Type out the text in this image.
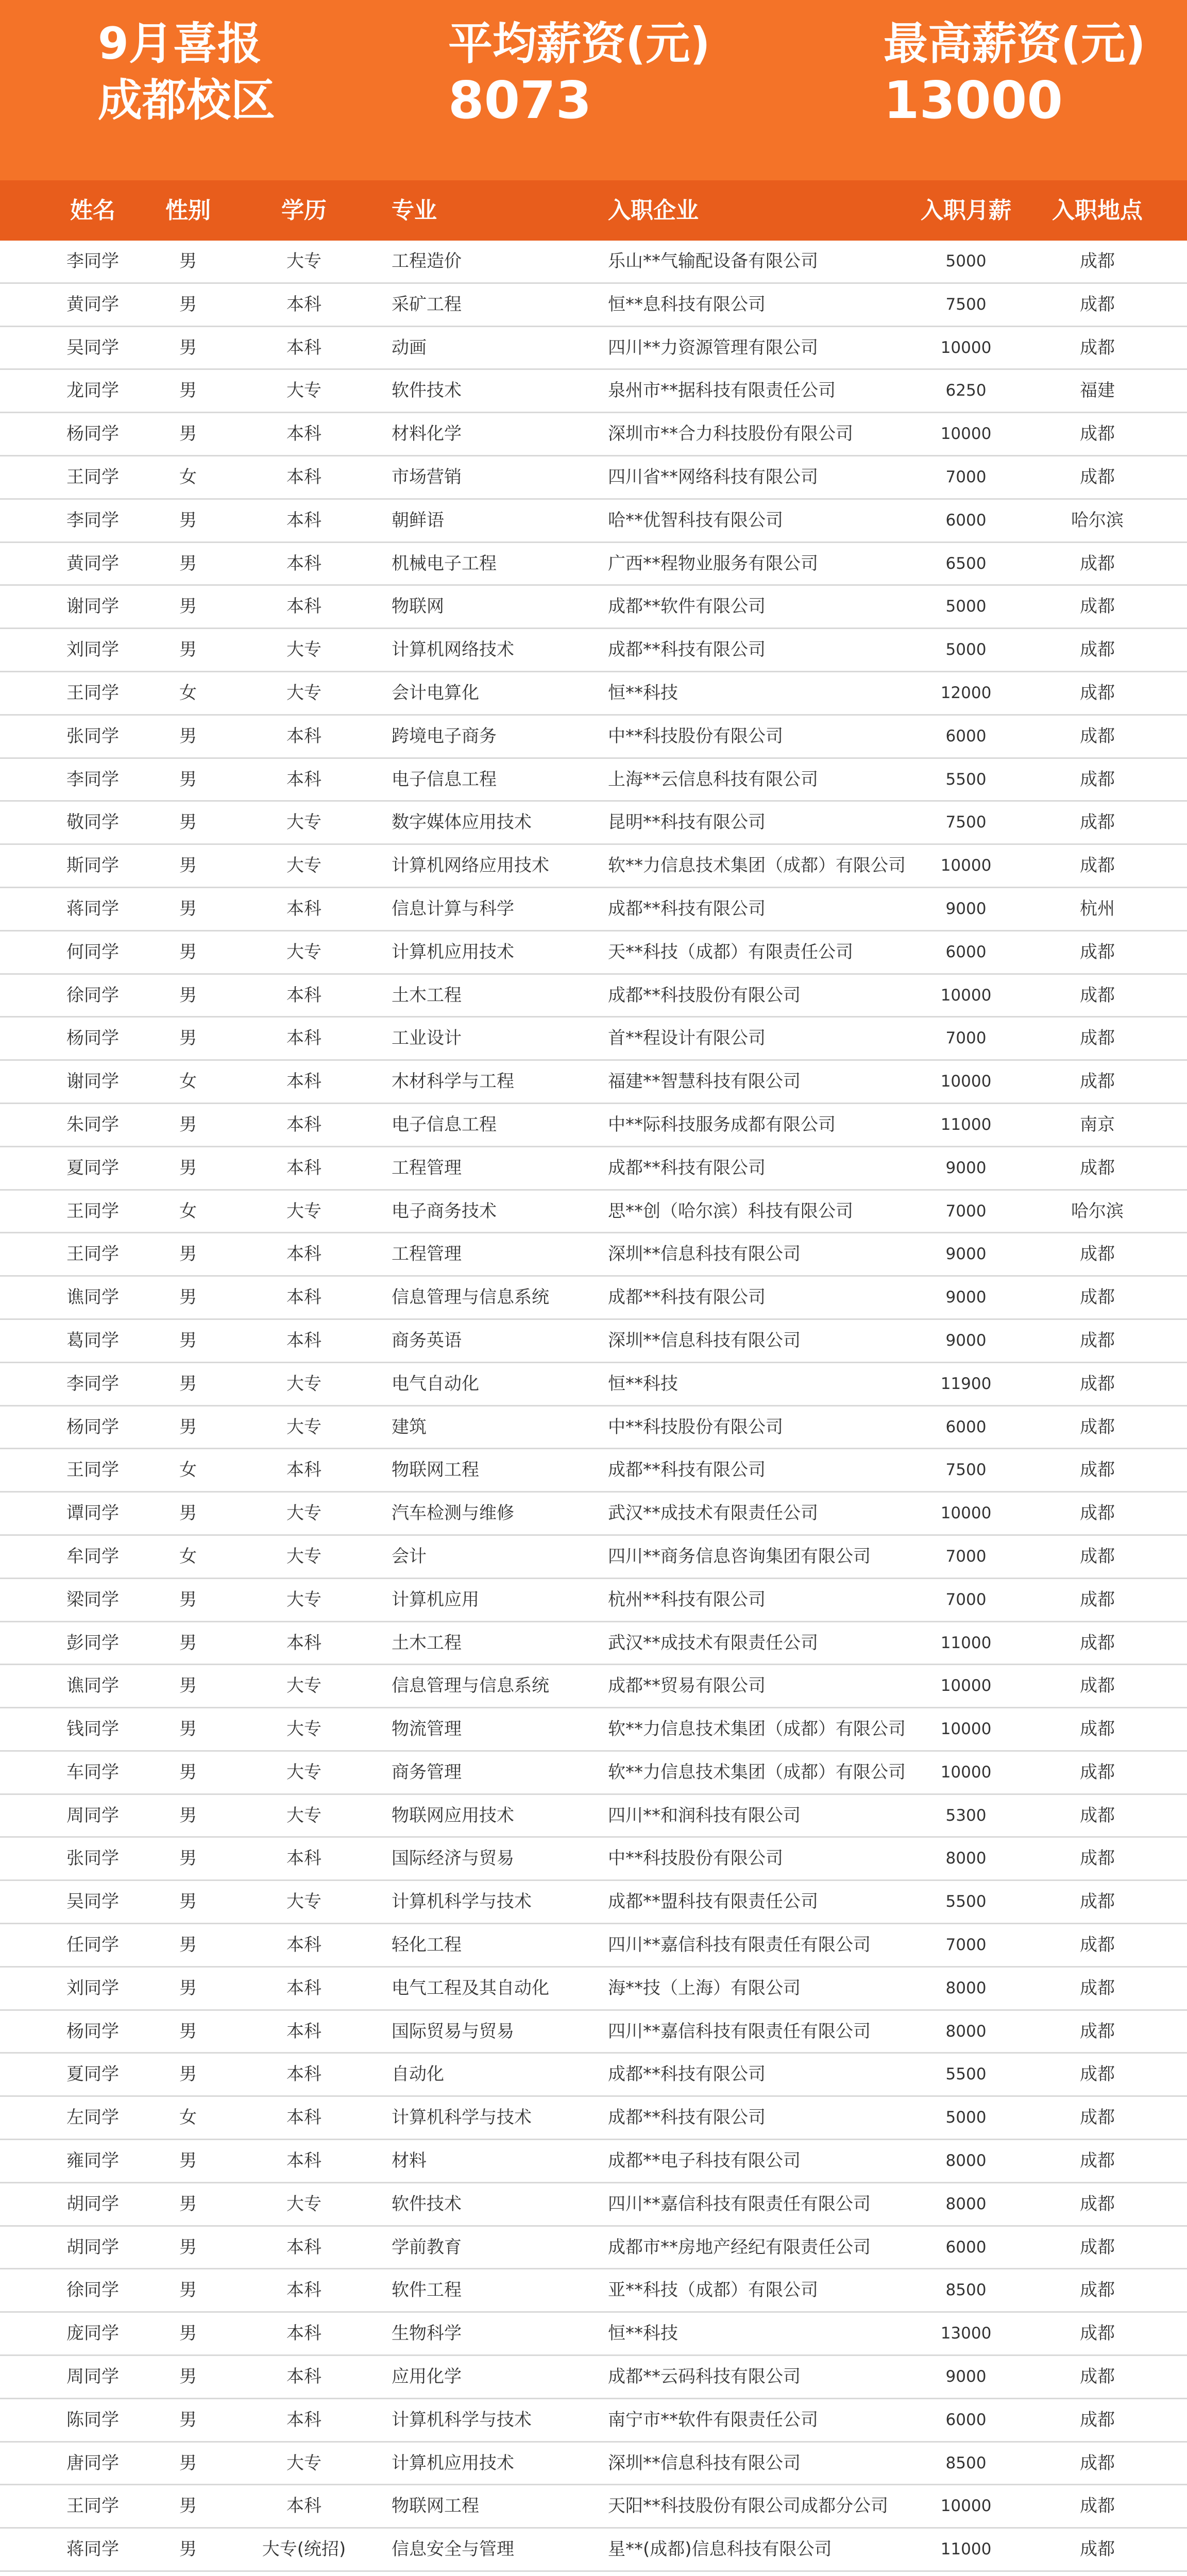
9月喜报
成都校区
平均薪资(元)
8073
最高薪资(元)
13000
姓名 性别	学历	专业	入职企业	入职月薪 入职地点
李同学	男	大专	工程造价	乐山**气输配设备有限公司	5000	成都
黄同学	男	本科	采矿工程	恒**息科技有限公司	7500	成都
吴同学	男	本科	动画	四川**力资源管理有限公司	10000	成都
龙同学	男	大专	软件技术	泉州市**据科技有限责任公司	6250	福建
杨同学	男	本科	材料化学	深圳市**合力科技股份有限公司	10000	成都
王同学	女	本科	市场营销	四川省**网络科技有限公司	7000	成都
李同学	男	本科	朝鲜语	哈**优智科技有限公司	6000	哈尔滨
黄同学	男	本科	机械电子工程	广西**程物业服务有限公司	6500	成都
谢同学	男	本科	物联网	成都**软件有限公司	5000	成都
刘同学	男	大专	计算机网络技术	成都**科技有限公司	5000	成都
王同学	女	大专	会计电算化	恒**科技	12000	成都
张同学	男	本科	跨境电子商务	中**科技股份有限公司	6000	成都
李同学	男	本科	电子信息工程	上海**云信息科技有限公司	5500	成都
敬同学	男	大专	数字媒体应用技术	昆明**科技有限公司	7500	成都
斯同学	男	大专	计算机网络应用技术	软**力信息技术集团（成都）有限公司 10000	成都
蒋同学	男	本科	信息计算与科学	成都**科技有限公司	9000	杭州
何同学	男	大专	计算机应用技术	天**科技（成都）有限责任公司	6000	成都
徐同学	男	本科	土木工程	成都**科技股份有限公司	10000	成都
杨同学	男	本科	工业设计	首**程设计有限公司	7000	成都
谢同学	女	本科	木材科学与工程	福建**智慧科技有限公司	10000	成都
朱同学	男	本科	电子信息工程	中**际科技服务成都有限公司	11000	南京
夏同学	男	本科	工程管理	成都**科技有限公司	9000	成都
王同学	女	大专	电子商务技术	思**创（哈尔滨）科技有限公司	7000	哈尔滨
王同学	男	本科	工程管理	深圳**信息科技有限公司	9000	成都
谯同学	男	本科	信息管理与信息系统	成都**科技有限公司	9000	成都
葛同学	男	本科	商务英语	深圳**信息科技有限公司	9000	成都
李同学	男	大专	电气自动化	恒**科技	11900	成都
杨同学	男	大专	建筑	中**科技股份有限公司	6000	成都
王同学	女	本科	物联网工程	成都**科技有限公司	7500	成都
谭同学	男	大专	汽车检测与维修	武汉**成技术有限责任公司	10000	成都
牟同学	女	大专	会计	四川**商务信息咨询集团有限公司	7000	成都
梁同学	男	大专	计算机应用	杭州**科技有限公司	7000	成都
彭同学	男	本科	土木工程	武汉**成技术有限责任公司	11000	成都
谯同学	男	大专	信息管理与信息系统	成都**贸易有限公司	10000	成都
钱同学	男	大专	物流管理	软**力信息技术集团（成都）有限公司 10000	成都
车同学	男	大专	商务管理	软**力信息技术集团（成都）有限公司 10000	成都
周同学	男	大专	物联网应用技术	四川**和润科技有限公司	5300	成都
张同学	男	本科	国际经济与贸易	中**科技股份有限公司	8000	成都
吴同学	男	大专	计算机科学与技术	成都**盟科技有限责任公司	5500	成都
任同学	男	本科	轻化工程	四川**嘉信科技有限责任有限公司	7000	成都
刘同学	男	本科	电气工程及其自动化	海**技（上海）有限公司	8000	成都
杨同学	男	本科	国际贸易与贸易	四川**嘉信科技有限责任有限公司	8000	成都
夏同学	男	本科	自动化	成都**科技有限公司	5500	成都
左同学	女	本科	计算机科学与技术	成都**科技有限公司	5000	成都
雍同学	男	本科	材料	成都**电子科技有限公司	8000	成都
胡同学	男	大专	软件技术	四川**嘉信科技有限责任有限公司	8000	成都
胡同学	男	本科	学前教育	成都市**房地产经纪有限责任公司	6000	成都
徐同学	男	本科	软件工程	亚**科技（成都）有限公司	8500	成都
庞同学	男	本科	生物科学	恒**科技	13000	成都
周同学	男	本科	应用化学	成都**云码科技有限公司	9000	成都
陈同学	男	本科	计算机科学与技术	南宁市**软件有限责任公司	6000	成都
唐同学	男	大专	计算机应用技术	深圳**信息科技有限公司	8500	成都
王同学	男	本科	物联网工程	天阳**科技股份有限公司成都分公司	10000	成都
蒋同学	男	大专(统招)	信息安全与管理	星**(成都)信息科技有限公司	11000	成都
